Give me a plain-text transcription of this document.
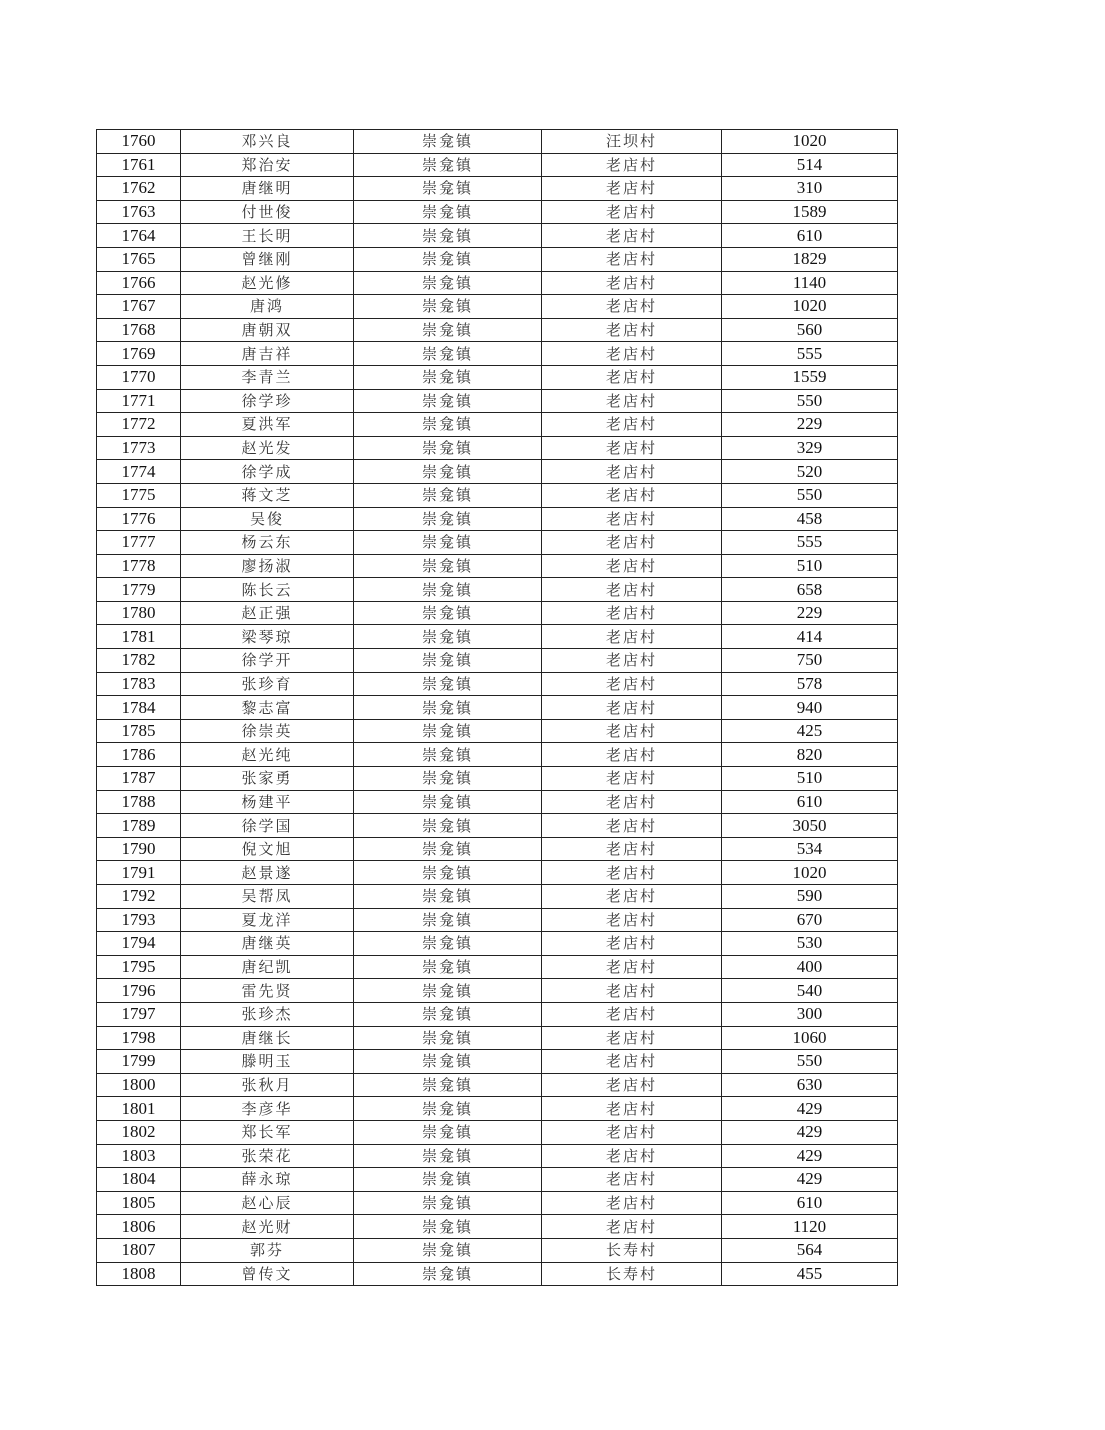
1760	邓兴良	崇龛镇	汪坝村	1020
1761	郑治安	崇龛镇	老店村	514
1762	唐继明	崇龛镇	老店村	310
1763	付世俊	崇龛镇	老店村	1589
1764	王长明	崇龛镇	老店村	610
1765	曾继刚	崇龛镇	老店村	1829
1766	赵光修	崇龛镇	老店村	1140
1767	唐鸿	崇龛镇	老店村	1020
1768	唐朝双	崇龛镇	老店村	560
1769	唐吉祥	崇龛镇	老店村	555
1770	李青兰	崇龛镇	老店村	1559
1771	徐学珍	崇龛镇	老店村	550
1772	夏洪军	崇龛镇	老店村	229
1773	赵光发	崇龛镇	老店村	329
1774	徐学成	崇龛镇	老店村	520
1775	蒋文芝	崇龛镇	老店村	550
1776	吴俊	崇龛镇	老店村	458
1777	杨云东	崇龛镇	老店村	555
1778	廖扬淑	崇龛镇	老店村	510
1779	陈长云	崇龛镇	老店村	658
1780	赵正强	崇龛镇	老店村	229
1781	梁琴琼	崇龛镇	老店村	414
1782	徐学开	崇龛镇	老店村	750
1783	张珍育	崇龛镇	老店村	578
1784	黎志富	崇龛镇	老店村	940
1785	徐崇英	崇龛镇	老店村	425
1786	赵光纯	崇龛镇	老店村	820
1787	张家勇	崇龛镇	老店村	510
1788	杨建平	崇龛镇	老店村	610
1789	徐学国	崇龛镇	老店村	3050
1790	倪文旭	崇龛镇	老店村	534
1791	赵景遂	崇龛镇	老店村	1020
1792	吴帮凤	崇龛镇	老店村	590
1793	夏龙洋	崇龛镇	老店村	670
1794	唐继英	崇龛镇	老店村	530
1795	唐纪凯	崇龛镇	老店村	400
1796	雷先贤	崇龛镇	老店村	540
1797	张珍杰	崇龛镇	老店村	300
1798	唐继长	崇龛镇	老店村	1060
1799	滕明玉	崇龛镇	老店村	550
1800	张秋月	崇龛镇	老店村	630
1801	李彦华	崇龛镇	老店村	429
1802	郑长军	崇龛镇	老店村	429
1803	张荣花	崇龛镇	老店村	429
1804	薛永琼	崇龛镇	老店村	429
1805	赵心辰	崇龛镇	老店村	610
1806	赵光财	崇龛镇	老店村	1120
1807	郭芬	崇龛镇	长寿村	564
1808	曾传文	崇龛镇	长寿村	455
